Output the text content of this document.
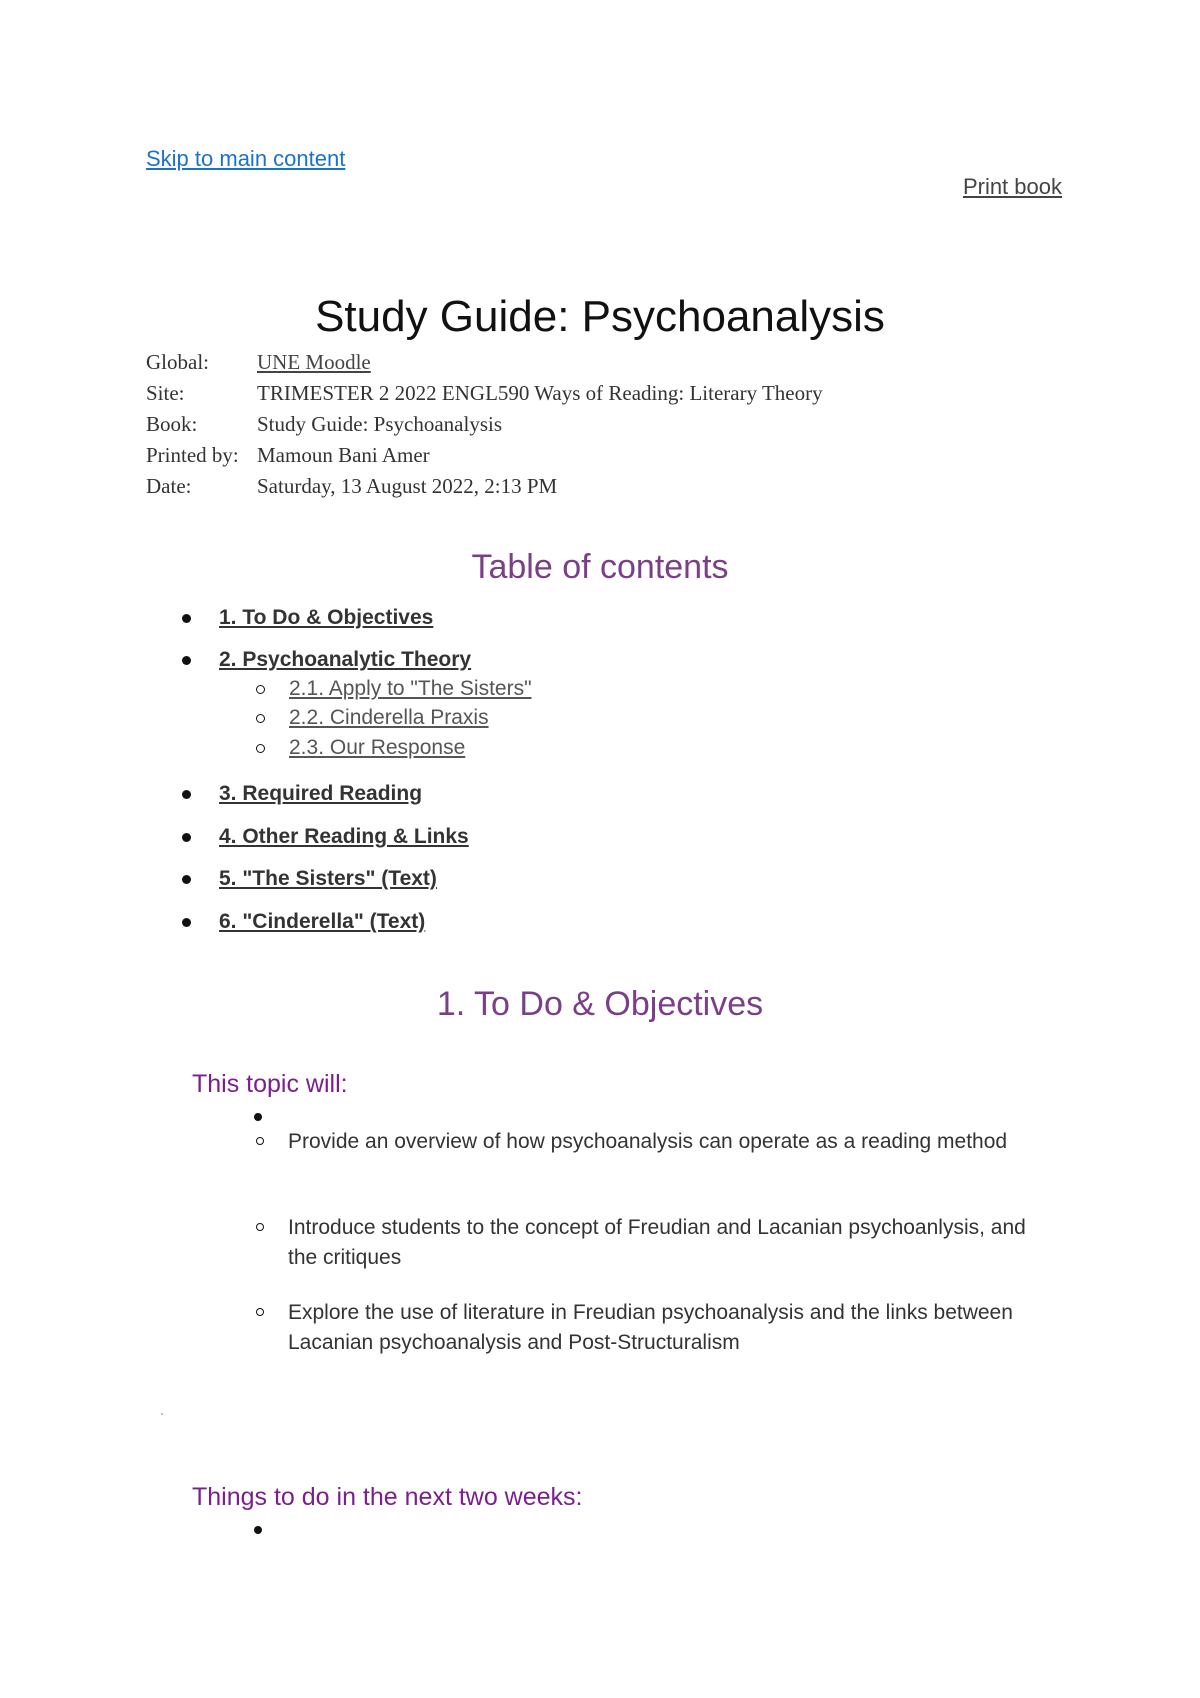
Skip to main content
Print book
Study Guide: Psychoanalysis
Global:	UNE Moodle
Site:	TRIMESTER 2 2022 ENGL590 Ways of Reading: Literary Theory
Book:	Study Guide: Psychoanalysis
Printed by: Mamoun Bani Amer
Date:	Saturday, 13 August 2022, 2:13 PM
Table of contents
1. To Do & Objectives
2. Psychoanalytic Theory
2.1. Apply to "The Sisters"
2.2. Cinderella Praxis
2.3. Our Response
3. Required Reading
4. Other Reading & Links
5. "The Sisters" (Text)
6. "Cinderella" (Text)
1. To Do & Objectives
This topic will:
Provide an overview of how psychoanalysis can operate as a reading method
Introduce students to the concept of Freudian and Lacanian psychoanlysis, and the critiques
Explore the use of literature in Freudian psychoanalysis and the links between Lacanian psychoanalysis and Post-Structuralism
Things to do in the next two weeks:
